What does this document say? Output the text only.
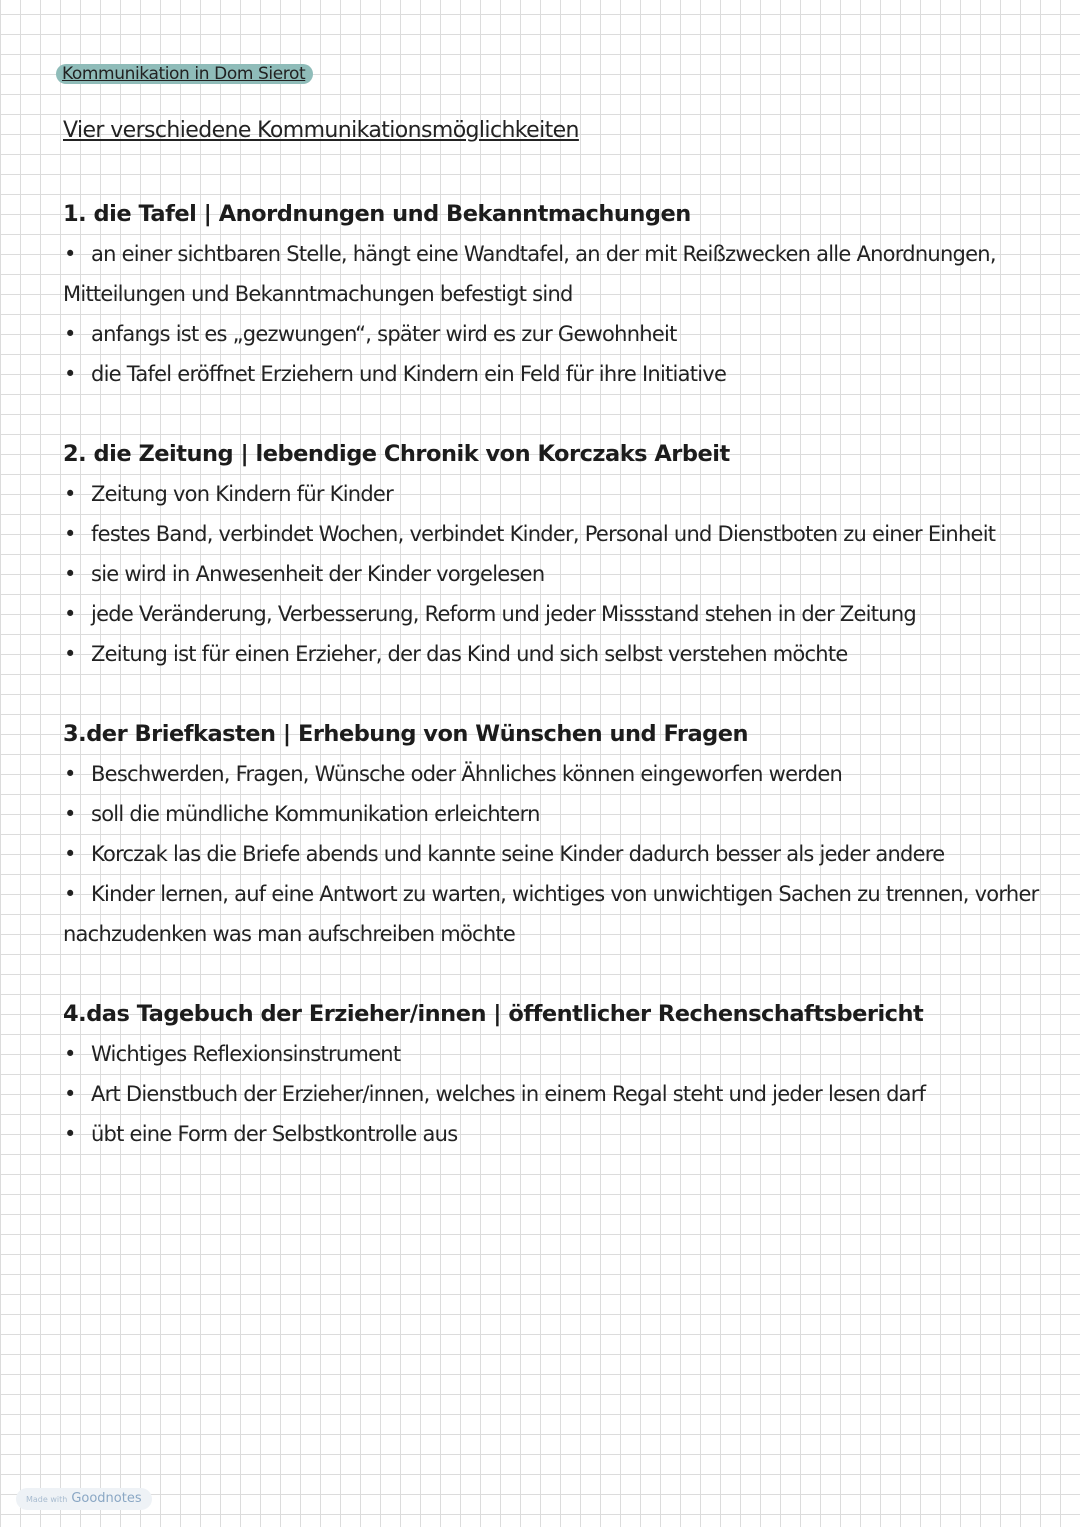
Kommunikation in Dom Sierot
Vier verschiedene Kommunikationsmöglichkeiten
1. die Tafel | Anordnungen und Bekanntmachungen
• an einer sichtbaren Stelle, hängt eine Wandtafel, an der mit Reißzwecken alle Anordnungen,
Mitteilungen und Bekanntmachungen befestigt sind
• anfangs ist es „gezwungen“, später wird es zur Gewohnheit
• die Tafel eröffnet Erziehern und Kindern ein Feld für ihre Initiative
2. die Zeitung | lebendige Chronik von Korczaks Arbeit
• Zeitung von Kindern für Kinder
• festes Band, verbindet Wochen, verbindet Kinder, Personal und Dienstboten zu einer Einheit
• sie wird in Anwesenheit der Kinder vorgelesen
• jede Veränderung, Verbesserung, Reform und jeder Missstand stehen in der Zeitung
• Zeitung ist für einen Erzieher, der das Kind und sich selbst verstehen möchte
3.der Briefkasten | Erhebung von Wünschen und Fragen
• Beschwerden, Fragen, Wünsche oder Ähnliches können eingeworfen werden
• soll die mündliche Kommunikation erleichtern
• Korczak las die Briefe abends und kannte seine Kinder dadurch besser als jeder andere
• Kinder lernen, auf eine Antwort zu warten, wichtiges von unwichtigen Sachen zu trennen, vorher
nachzudenken was man aufschreiben möchte
4.das Tagebuch der Erzieher/innen | öffentlicher Rechenschaftsbericht
• Wichtiges Reflexionsinstrument
• Art Dienstbuch der Erzieher/innen, welches in einem Regal steht und jeder lesen darf
• übt eine Form der Selbstkontrolle aus
Made with Goodnotes
